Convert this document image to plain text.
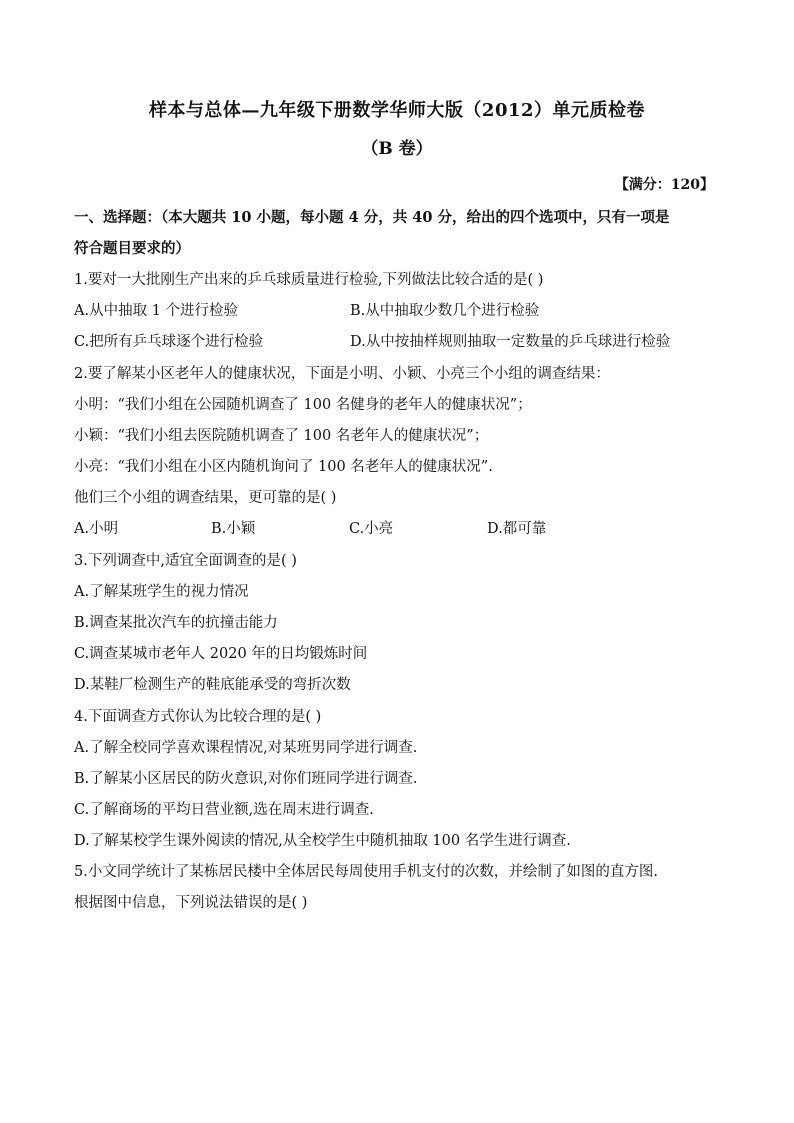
样本与总体—九年级下册数学华师大版（2012）单元质检卷
（B 卷）
【满分：120】
一、选择题：（本大题共 10 小题，每小题 4 分，共 40 分，给出的四个选项中，只有一项是
符合题目要求的）
1.要对一大批刚生产出来的乒乓球质量进行检验,下列做法比较合适的是( )
A.从中抽取 1 个进行检验	B.从中抽取少数几个进行检验
C.把所有乒乓球逐个进行检验	D.从中按抽样规则抽取一定数量的乒乓球进行检验
2.要了解某小区老年人的健康状况，下面是小明、小颖、小亮三个小组的调查结果：
小明：“我们小组在公园随机调查了 100 名健身的老年人的健康状况”；
小颖：“我们小组去医院随机调查了 100 名老年人的健康状况”；
小亮：“我们小组在小区内随机询问了 100 名老年人的健康状况”.
他们三个小组的调查结果，更可靠的是( )
A.小明	B.小颖	C.小亮	D.都可靠
3.下列调查中,适宜全面调查的是( )
A.了解某班学生的视力情况
B.调查某批次汽车的抗撞击能力
C.调查某城市老年人 2020 年的日均锻炼时间
D.某鞋厂检测生产的鞋底能承受的弯折次数
4.下面调查方式你认为比较合理的是( )
A.了解全校同学喜欢课程情况,对某班男同学进行调查.
B.了解某小区居民的防火意识,对你们班同学进行调查.
C.了解商场的平均日营业额,选在周末进行调查.
D.了解某校学生课外阅读的情况,从全校学生中随机抽取 100 名学生进行调查.
5.小文同学统计了某栋居民楼中全体居民每周使用手机支付的次数，并绘制了如图的直方图.
根据图中信息，下列说法错误的是( )
